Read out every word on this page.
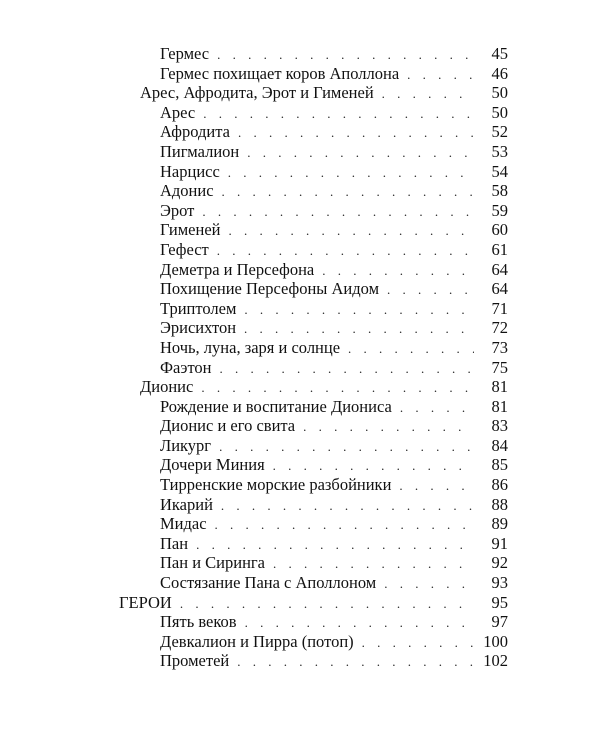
Гермес . . .	45
Гермес похищает коров Аполлона . . .	46
Арес, Афродита, Эрот и Гименей . . .	50
Арес . . .	50
Афродита . . .	52
Пигмалион . . .	53
Нарцисс . . .	54
Адонис . . .	58
Эрот . . .	59
Гименей . . .	60
Гефест . . .	61
Деметра и Персефона . . .	64
Похищение Персефоны Аидом . . .	64
Триптолем . . .	71
Эрисихтон . . .	72
Ночь, луна, заря и солнце . . .	73
Фаэтон . . .	75
Дионис . . .	81
Рождение и воспитание Диониса . . .	81
Дионис и его свита . . .	83
Ликург . . .	84
Дочери Миния . . .	85
Тирренские морские разбойники . . .	86
Икарий . . .	88
Мидас . . .	89
Пан . . .	91
Пан и Сиринга . . .	92
Состязание Пана с Аполлоном . . .	93
ГЕРОИ . . .	95
Пять веков . . .	97
Девкалион и Пирра (потоп) . . .	100
Прометей . . .	102
